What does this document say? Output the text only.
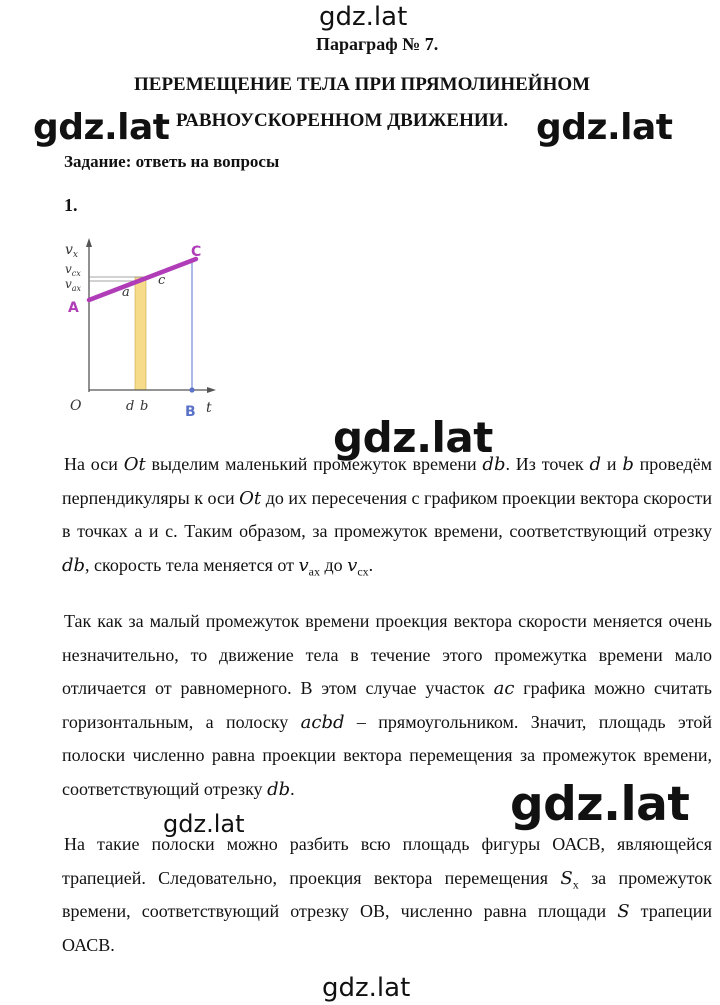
gdz.lat
gdz.lat	gdz.lat
Параграф № 7.
ПЕРЕМЕЩЕНИЕ ТЕЛА ПРИ ПРЯМОЛИНЕЙНОМ
РАВНОУСКОРЕННОМ ДВИЖЕНИИ.
Задание: ответь на вопросы
1.
$v_x$
$v_{cx}$
$v_{ax}$
A
C
a
c
O	d b	B t

На оси Ot выделим маленький промежуток времени db. Из точек d и b проведём перпендикуляры к оси Ot до их пересечения с графиком проекции вектора скорости в точках а и с. Таким образом, за промежуток времени, соответствующий отрезку db, скорость тела меняется от $v_{ax}$ до $v_{cx}$.

Так как за малый промежуток времени проекция вектора скорости меняется очень незначительно, то движение тела в течение этого промежутка времени мало отличается от равномерного. В этом случае участок ac графика можно считать горизонтальным, а полоску acbd – прямоугольником. Значит, площадь этой полоски численно равна проекции вектора перемещения за промежуток времени, соответствующий отрезку db.

На такие полоски можно разбить всю площадь фигуры ОАСВ, являющейся трапецией. Следовательно, проекция вектора перемещения $S_x$ за промежуток времени, соответствующий отрезку ОВ, численно равна площади S трапеции ОАСВ.

gdz.lat
gdz.lat
gdz.lat
gdz.lat
